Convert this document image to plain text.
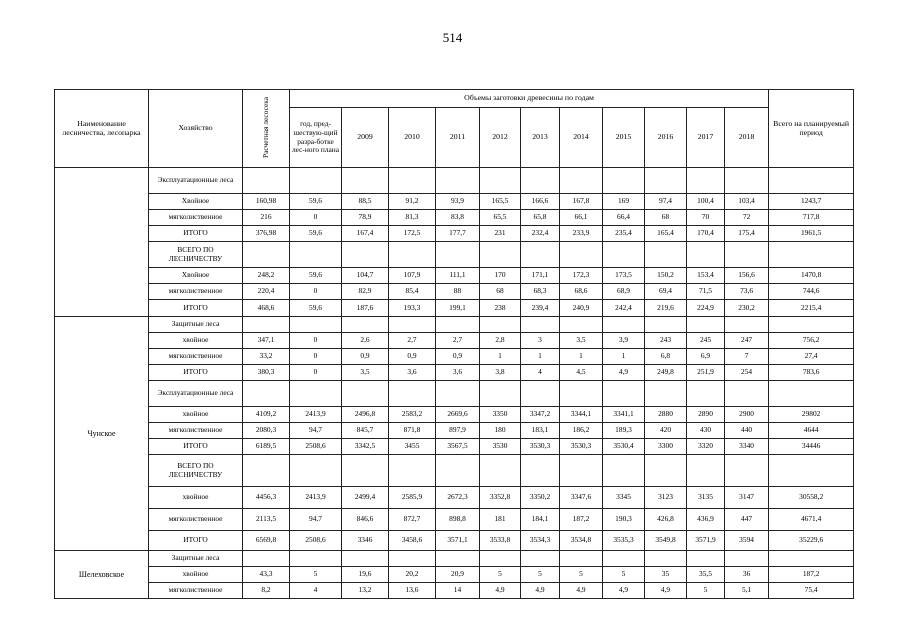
514
Наименование лесничества, лесопарка	Хозяйство	Расчетная лесосека	Объемы заготовки древесины по годам											Всего на планируемый период
			год, пред-шествую-щий разра-ботке лес-ного плана	2009	2010	2011	2012	2013	2014	2015	2016	2017	2018	
	Эксплуатационные леса													
	Хвойное	160,98	59,6	88,5	91,2	93,9	165,5	166,6	167,8	169	97,4	100,4	103,4	1243,7
	мягколиственное	216	0	78,9	81,3	83,8	65,5	65,8	66,1	66,4	68	70	72	717,8
	ИТОГО	376,98	59,6	167,4	172,5	177,7	231	232,4	233,9	235,4	165,4	170,4	175,4	1961,5
	ВСЕГО ПО ЛЕСНИЧЕСТВУ													
	Хвойное	248,2	59,6	104,7	107,9	111,1	170	171,1	172,3	173,5	150,2	153,4	156,6	1470,8
	мягколиственное	220,4	0	82,9	85,4	88	68	68,3	68,6	68,9	69,4	71,5	73,6	744,6
	ИТОГО	468,6	59,6	187,6	193,3	199,1	238	239,4	240,9	242,4	219,6	224,9	230,2	2215,4
Чунское	Защитные леса													
	хвойное	347,1	0	2,6	2,7	2,7	2,8	3	3,5	3,9	243	245	247	756,2
	мягколиственное	33,2	0	0,9	0,9	0,9	1	1	1	1	6,8	6,9	7	27,4
	ИТОГО	380,3	0	3,5	3,6	3,6	3,8	4	4,5	4,9	249,8	251,9	254	783,6
	Эксплуатационные леса													
	хвойное	4109,2	2413,9	2496,8	2583,2	2669,6	3350	3347,2	3344,1	3341,1	2880	2890	2900	29802
	мягколиственное	2080,3	94,7	845,7	871,8	897,9	180	183,1	186,2	189,3	420	430	440	4644
	ИТОГО	6189,5	2508,6	3342,5	3455	3567,5	3530	3530,3	3530,3	3530,4	3300	3320	3340	34446
	ВСЕГО ПО ЛЕСНИЧЕСТВУ													
	хвойное	4456,3	2413,9	2499,4	2585,9	2672,3	3352,8	3350,2	3347,6	3345	3123	3135	3147	30558,2
	мягколиственное	2113,5	94,7	846,6	872,7	898,8	181	184,1	187,2	190,3	426,8	436,9	447	4671,4
	ИТОГО	6569,8	2508,6	3346	3458,6	3571,1	3533,8	3534,3	3534,8	3535,3	3549,8	3571,9	3594	35229,6
Шелеховское	Защитные леса													
	хвойное	43,3	5	19,6	20,2	20,9	5	5	5	5	35	35,5	36	187,2
	мягколиственное	8,2	4	13,2	13,6	14	4,9	4,9	4,9	4,9	4,9	5	5,1	75,4
